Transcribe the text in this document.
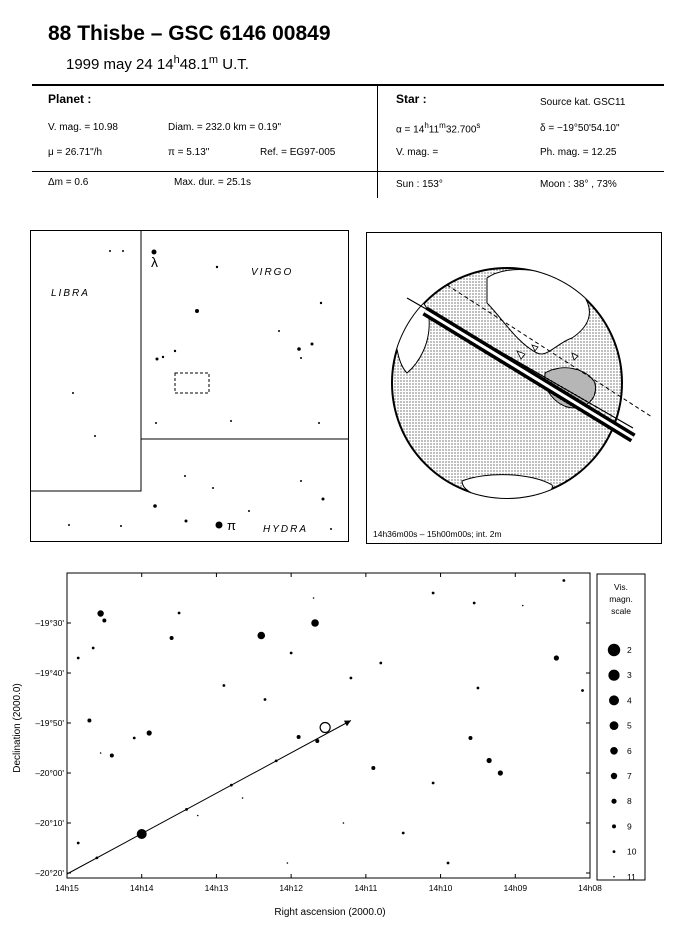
88 Thisbe – GSC 6146 00849
1999 may 24 14$^h$48.1$^m$ U.T.
Planet :
V. mag. = 10.98	Diam. = 232.0 km = 0.19"
μ = 26.71"/h	π = 5.13"	Ref. = EG97-005
Star :	Source kat. GSC11
$\alpha = 14^h11^m32.700^s$	δ = −19°50'54.10"
V. mag. =	Ph. mag. = 12.25
Δm = 0.6	Max. dur. = 25.1s	Sun : 153°	Moon : 38° , 73%
LIBRA
VIRGO
HYDRA
λ
π
14h36m00s – 15h00m00s; int. 2m
14h15	14h14	14h13	14h12	14h11	14h10	14h09	14h08
–19°30'
–19°40'
–19°50'
–20°00'
–20°10'
–20°20'
Right ascension (2000.0)
Declination (2000.0)
Vis.
magn.
scale
2
3
4
5
6
7
8
9
10
11
